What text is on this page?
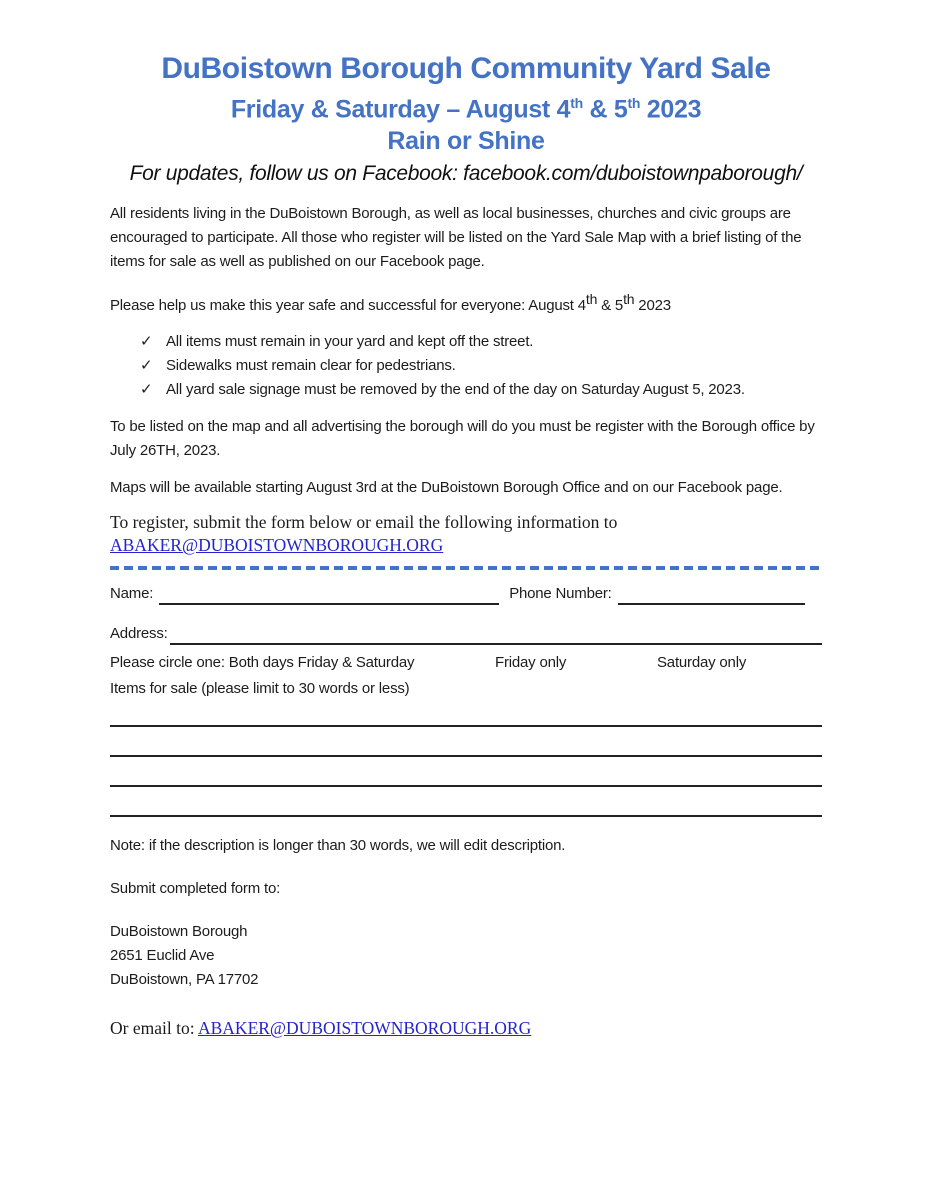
DuBoistown Borough Community Yard Sale
Friday & Saturday – August 4th & 5th 2023
Rain or Shine
For updates, follow us on Facebook: facebook.com/duboistownpaborough/

All residents living in the DuBoistown Borough, as well as local businesses, churches and civic groups are encouraged to participate. All those who register will be listed on the Yard Sale Map with a brief listing of the items for sale as well as published on our Facebook page.

Please help us make this year safe and successful for everyone: August 4th & 5th 2023

✓ All items must remain in your yard and kept off the street.
✓ Sidewalks must remain clear for pedestrians.
✓ All yard sale signage must be removed by the end of the day on Saturday August 5, 2023.

To be listed on the map and all advertising the borough will do you must be register with the Borough office by July 26TH, 2023.

Maps will be available starting August 3rd at the DuBoistown Borough Office and on our Facebook page.

To register, submit the form below or email the following information to
ABAKER@DUBOISTOWNBOROUGH.ORG

Name:	Phone Number:
Address:
Please circle one: Both days Friday & Saturday	Friday only	Saturday only
Items for sale (please limit to 30 words or less)

Note: if the description is longer than 30 words, we will edit description.

Submit completed form to:

DuBoistown Borough
2651 Euclid Ave
DuBoistown, PA 17702

Or email to: ABAKER@DUBOISTOWNBOROUGH.ORG
